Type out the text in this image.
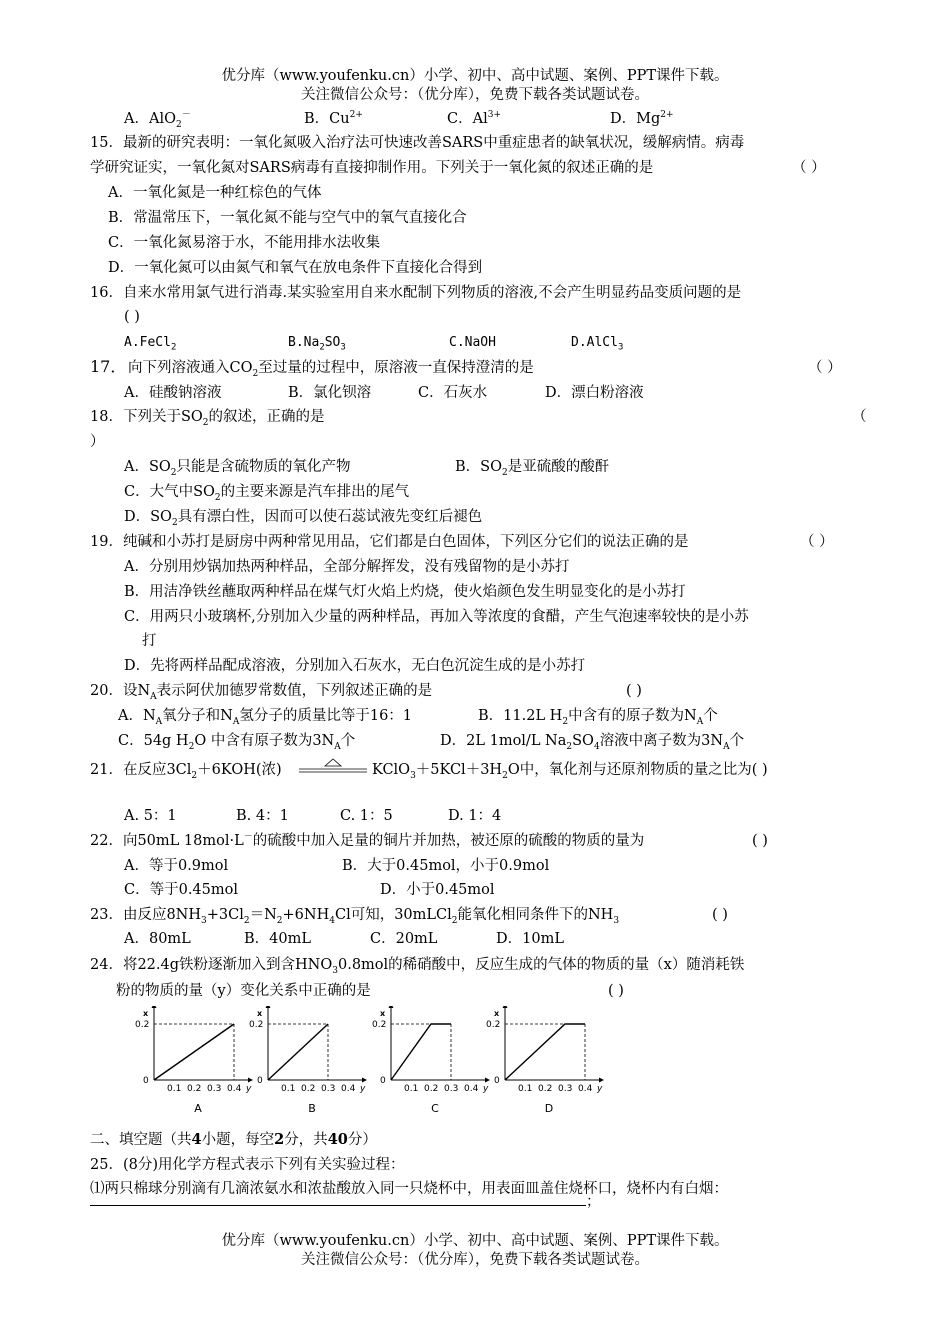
优分库（www.youfenku.cn）小学、初中、高中试题、案例、PPT课件下载。
关注微信公众号：（优分库），免费下载各类试题试卷。
A．AlO$_2$－	B．$Cu^{2+}$	C．$Al^{3+}$	D．$Mg^{2+}$
15．最新的研究表明：一氧化氮吸入治疗法可快速改善SARS中重症患者的缺氧状况，缓解病情。病毒
学研究证实，一氧化氮对SARS病毒有直接抑制作用。下列关于一氧化氮的叙述正确的是	（ ）
A．一氧化氮是一种红棕色的气体
B．常温常压下，一氧化氮不能与空气中的氧气直接化合
C．一氧化氮易溶于水，不能用排水法收集
D．一氧化氮可以由氮气和氧气在放电条件下直接化合得到
16．自来水常用氯气进行消毒.某实验室用自来水配制下列物质的溶液,不会产生明显药品变质问题的是
( )
A.FeCl$_2$	$B.Na_2SO_3$	C.NaOH	D.AlCl$_3$
17． 向下列溶液通入$CO_2$至过量的过程中，原溶液一直保持澄清的是	（ ）
A．硅酸钠溶液	B．氯化钡溶	C．石灰水	D．漂白粉溶液
18．下列关于$SO_2$的叙述，正确的是	（
）
A．$SO_2$只能是含硫物质的氧化产物	B．$SO_2$是亚硫酸的酸酐
C．大气中$SO_2$的主要来源是汽车排出的尾气
D．$SO_2$具有漂白性，因而可以使石蕊试液先变红后褪色
19．纯碱和小苏打是厨房中两种常见用品，它们都是白色固体，下列区分它们的说法正确的是	（ ）
A．分别用炒锅加热两种样品，全部分解挥发，没有残留物的是小苏打
B．用洁净铁丝蘸取两种样品在煤气灯火焰上灼烧，使火焰颜色发生明显变化的是小苏打
C．用两只小玻璃杯,分别加入少量的两种样品，再加入等浓度的食醋，产生气泡速率较快的是小苏
打
D．先将两样品配成溶液，分别加入石灰水，无白色沉淀生成的是小苏打
20．设$N_A$表示阿伏加德罗常数值，下列叙述正确的是	( )
A．$N_A$氧分子和$N_A$氢分子的质量比等于16：1	B．11.2L $H_2$中含有的原子数为$N_A$个
C．54g $H_2O$ 中含有原子数为$3N_A$个	D．2L 1mol/L $Na_2SO_4$溶液中离子数为$3N_A$个
21．在反应$3Cl_2+6KOH$(浓)	$KClO_3+5KCl+3H_2O$中，氧化剂与还原剂物质的量之比为( )
A. 5：1	B. 4：1	C. 1：5	D. 1：4
22．向50mL 18mol·L－的硫酸中加入足量的铜片并加热，被还原的硫酸的物质的量为	( )
A．等于0.9mol	B．大于0.45mol，小于0.9mol
C．等于0.45mol	D．小于0.45mol
23．由反应$8NH_3+3Cl_2=N_2+6NH_4Cl$可知，30mLCl$_2$能氧化相同条件下的$NH_3$	( )
A．80mL	B．40mL	C．20mL	D．10mL
24．将22.4g铁粉逐渐加入到含$HNO_30.8mol$的稀硝酸中，反应生成的气体的物质的量（x）随消耗铁
粉的物质的量（y）变化关系中正确的是	( )
x
y
0
0.2
0.1 0.2 0.3 0.4
A
x
y
0
0.2
0.1 0.2 0.3 0.4
B
x
y
0
0.2
0.1 0.2 0.3 0.4
C
x
y
0
0.2
0.1 0.2 0.3 0.4
D
二、填空题（共4小题，每空2分，共40分）
25．(8分)用化学方程式表示下列有关实验过程：
⑴两只棉球分别滴有几滴浓氨水和浓盐酸放入同一只烧杯中，用表面皿盖住烧杯口，烧杯内有白烟：
；
优分库（www.youfenku.cn）小学、初中、高中试题、案例、PPT课件下载。
关注微信公众号：（优分库），免费下载各类试题试卷。
